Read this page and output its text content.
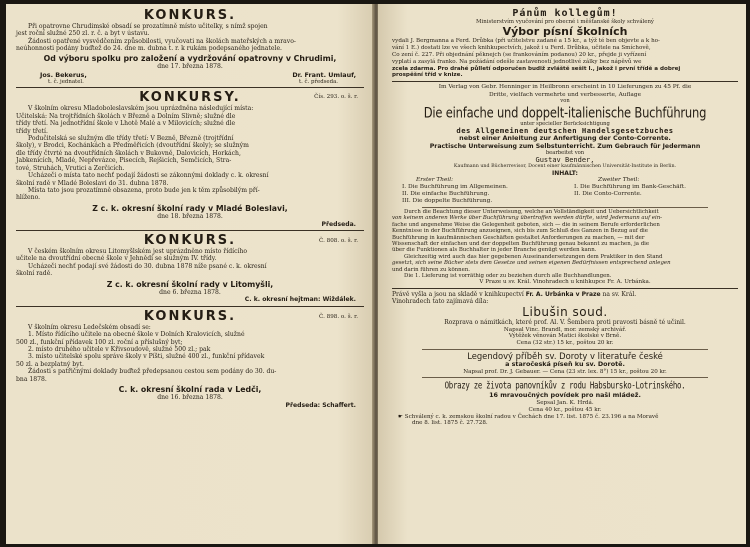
KONKURS.
Při opatrovne Chrudimské obsadí se prozatímně místo učitelky, s nímž spojen
jest roční služné 250 zl. r. č. a byt v ústavu.
Žádosti opatřené vysvědčením způsobilosti, vyučovati na školách mateřských a mravo-
neúhonnosti podány buďtež do 24. dne m. dubna t. r. k rukám podepsaného jednatele.
Od výboru spolku pro založení a vydržování opatrovny v Chrudimi,
dne 17. března 1878.
Jos. Bekerus,	Dr. Frant. Umlauf,
t. č. jednatel.	t. č. předseda.
KONKURSY.	Čís. 293. o. š. r.
V školním okresu Mladoboleslavském jsou uprázdněna následující místa:
Učitelská: Na trojtřídních školách v Březně a Dolním Slivně; služné dle
třídy třetí. Na jednotřídní škole v Lhotě Malé a v Milovicích; služné dle
třídy třetí.
Podučitelská se služným dle třídy třetí: V Bezně, Březně (trojtřídní
školy), v Brodci, Kochánkách a Předměřicích (dvoutřídní školy); se služným
dle třídy čtvrté na dvoutřídních školách v Bukovně, Dalovicích, Horkách,
Jabkenicích, Mladé, Nepřevázce, Pisecích, Rejšicích, Semčicích, Stra-
tové, Struhách, Vrutici a Zerčicích.
Ucházeči o místa tato nechť podají žádosti se zákonnými doklady c. k. okresní
školní radě v Mladé Boleslavi do 31. dubna 1878.
Místa tato jsou prozatímně obsazena, proto bude jen k těm způsobilým pří-
hlíženo.
Z c. k. okresní školní rady v Mladé Boleslavi,
dne 18. března 1878.
Předseda.
KONKURS.	Č. 808. o. š. r.
V českém školním okresu Litomyšlském jest uprázdněno místo řídícího
učitele na dvoutřídní obecné škole v Jehnědí se služným IV. třídy.
Ucházeči nechť podají své žádosti do 30. dubna 1878 níže psané c. k. okresní
školní radě.
Z c. k. okresní školní rady v Litomyšli,
dne 6. března 1878.
C. k. okresní hejtman: Wiždálek.
KONKURS.	Č. 898. o. š. r.
V školním okresu Ledečském obsadí se:
1. Místo řídícího učitele na obecné škole v Dolních Kralovicích, služné
500 zl., funkční přídavek 100 zl. roční a příslušný byt;
2. místo druhého učitele v Křivsoudově, služné 500 zl.; pak
3. místo učitelské spolu správe školy v Píšti, služné 400 zl., funkční přídavek
50 zl. a bezplatný byt.
Žádosti s patřičnými doklady buďtež předepsanou cestou sem podány do 30. du-
bna 1878.
C. k. okresní školní rada v Ledči,
dne 16. března 1878.
Předseda: Schaffert.
Pánům kollegům!
Ministerstvím vyučování pro obecné i měšťanské školy schválený
Výbor písní školních
vydali J. Bergmanna a Ferd. Drůbka (při učitelstvu zadané a 15 kr., a týž té ben objevte a k ho-
vání 1 E.) dostati lze ve všech knihkupectvích, jakož i u Ferd. Drůbka, učitele na Smíchově,
Co zení č. 227. Při objednání pěknejch (se frankováním podanou) 20 kr., přejde ji vyřízení
vyplatí a zasylá franko. Na požádání odešle zastaveností jednotlivé zálky bez nápěvů we
zcela zdarma. Pro drahé půlletí odporučen budiž zvláště sešit I., jakož i první třídě a dobrej
prospěšní tříd v knize.
Im Verlag von Gebr. Henninger in Heilbronn erscheint in 10 Lieferungen zu 45 Pf. die
Dritte, vielfach vermehrte und verbesserte, Auflage
von
Die einfache und doppelt-italienische Buchführung
unter specieller Berücksichtigung
des Allgemeinen deutschen Handelsgesetzbuches
nebst einer Anleitung zur Anfertigung der Conto-Corrente.
Practische Unterweisung zum Selbstunterricht. Zum Gebrauch für Jedermann
bearbeitet von
Gustav Bender,
Kaufmann und Bücherrevisor, Docent einer kaufmännischen Universität-Institute in Berlin.
INHALT:
Erster Theil:
I. Die Buchführung im Allgemeinen.
II. Die einfache Buchführung.
III. Die doppelte Buchführung.
Zweiter Theil:
I. Die Buchführung im Bank-Geschäft.
II. Die Conto-Corrente.
Durch die Beachtung dieser Unterweisung, welche an Vollständigkeit und Uebersichtlichkeit
von keinem anderen Werke über Buchführung übertroffen werden dürfte, wird Jedermann auf ein-
fache und angenehme Weise die Gelegenheit geboten, sich — die in seinem Berufe erforderlichen
Kenntnisse in der Buchführung anzueignen, sich bis zum Schluß des Ganzen in Bezug auf die
Buchführung in kaufmännischen Geschäften gestaltet Anforderungen zu machen, — mit der
Wissenschaft der einfachen und der doppelten Buchführung genau bekannt zu machen, ja die
über die Funktionen als Buchhalter in jeder Branche genügt werden kann.
Gleichzeitig wird auch das hier gegebenen Auseinandersetzungen dem Praktiker in den Stand
gesetzt, sich seine Bücher stets dem Gesetze und seinen eigenen Bedürfnissen entsprechend anlegen
und darin führen zu können.
Die 1. Lieferung ist vorräthig oder zu beziehen durch alle Buchhandlungen.
V Praze u sv. Král. Vinohradech u knihkupce Fr. A. Urbánka.
Právě vyšla a jsou na skladě v knihkupectví Fr. A. Urbánka v Praze na sv. Král.
Vinohradech tato zajímavá díla:
Libušin soud.
Rozprava o námitkách, které prof. Al. V. Šembera proti pravosti básně té učinil.
Napsal Vinc. Brandl, mor. zemský archivář.
Výtěžek věnován Matici školské v Brně.
Cena (32 str.) 15 kr., poštou 20 kr.
Legendový příběh sv. Doroty v literatuře české
a staročeská píseň ku sv. Dorotě.
Napsal prof. Dr. J. Gebauer. — Cena (23 str. lex. 8°) 15 kr., poštou 20 kr.
Obrazy ze života panovníkův z rodu Habsbursko-Lotrinského.
16 mravoučných povídek pro naši mládež.
Sepsal Jan. K. Hrdá.
Cena 40 kr., poštou 45 kr.
☛ Schválený c. k. zemskou školní radou v Čechách dne 17. list. 1875 č. 23.196 a na Moravě
dne 8. list. 1875 č. 27.728.
